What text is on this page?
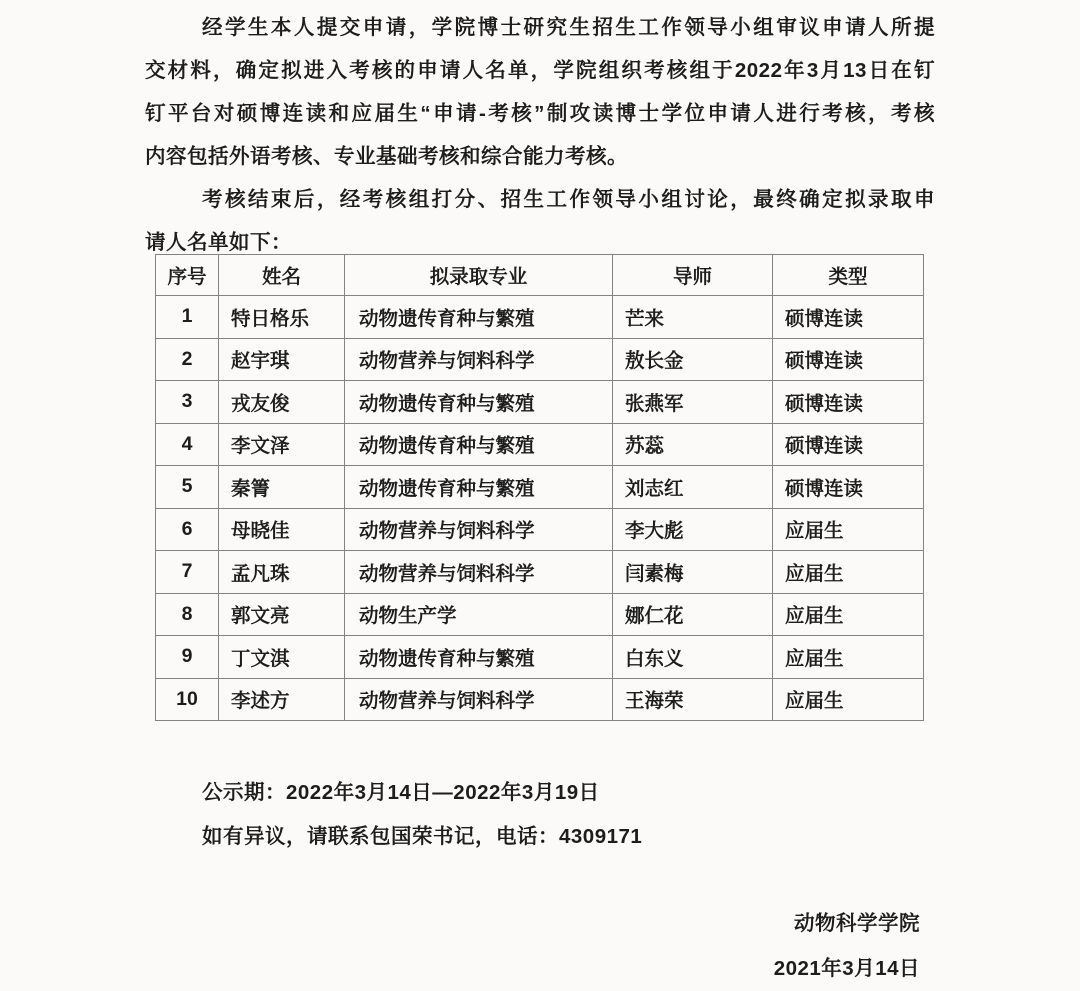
经学生本人提交申请，学院博士研究生招生工作领导小组审议申请人所提
交材料，确定拟进入考核的申请人名单，学院组织考核组于2022年3月13日在钉
钉平台对硕博连读和应届生“申请-考核”制攻读博士学位申请人进行考核，考核
内容包括外语考核、专业基础考核和综合能力考核。
考核结束后，经考核组打分、招生工作领导小组讨论，最终确定拟录取申
请人名单如下：
序号	姓名	拟录取专业	导师	类型
1	特日格乐	动物遗传育种与繁殖	芒来	硕博连读
2	赵宇琪	动物营养与饲料科学	敖长金	硕博连读
3	戎友俊	动物遗传育种与繁殖	张燕军	硕博连读
4	李文泽	动物遗传育种与繁殖	苏蕊	硕博连读
5	秦箐	动物遗传育种与繁殖	刘志红	硕博连读
6	母晓佳	动物营养与饲料科学	李大彪	应届生
7	孟凡珠	动物营养与饲料科学	闫素梅	应届生
8	郭文亮	动物生产学	娜仁花	应届生
9	丁文淇	动物遗传育种与繁殖	白东义	应届生
10	李述方	动物营养与饲料科学	王海荣	应届生
公示期：2022年3月14日—2022年3月19日
如有异议，请联系包国荣书记，电话：4309171
动物科学学院
2021年3月14日
